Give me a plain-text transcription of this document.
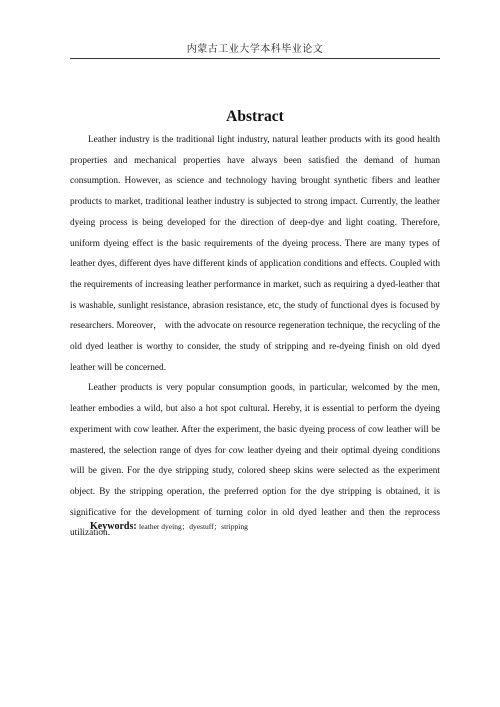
内蒙古工业大学本科毕业论文
Abstract

Leather industry is the traditional light industry, natural leather products with its good health properties and mechanical properties have always been satisfied the demand of human consumption. However, as science and technology having brought synthetic fibers and leather products to market, traditional leather industry is subjected to strong impact. Currently, the leather dyeing process is being developed for the direction of deep-dye and light coating. Therefore, uniform dyeing effect is the basic requirements of the dyeing process. There are many types of leather dyes, different dyes have different kinds of application conditions and effects. Coupled with the requirements of increasing leather performance in market, such as requiring a dyed-leather that is washable, sunlight resistance, abrasion resistance, etc, the study of functional dyes is focused by researchers. Moreover， with the advocate on resource regeneration technique, the recycling of the old dyed leather is worthy to consider, the study of stripping and re-dyeing finish on old dyed leather will be concerned.

Leather products is very popular consumption goods, in particular, welcomed by the men, leather embodies a wild, but also a hot spot cultural. Hereby, it is essential to perform the dyeing experiment with cow leather. After the experiment, the basic dyeing process of cow leather will be mastered, the selection range of dyes for cow leather dyeing and their optimal dyeing conditions will be given. For the dye stripping study, colored sheep skins were selected as the experiment object. By the stripping operation, the preferred option for the dye stripping is obtained, it is significative for the development of turning color in old dyed leather and then the reprocess utilization.

Keywords: leather dyeing；dyestuff；stripping
